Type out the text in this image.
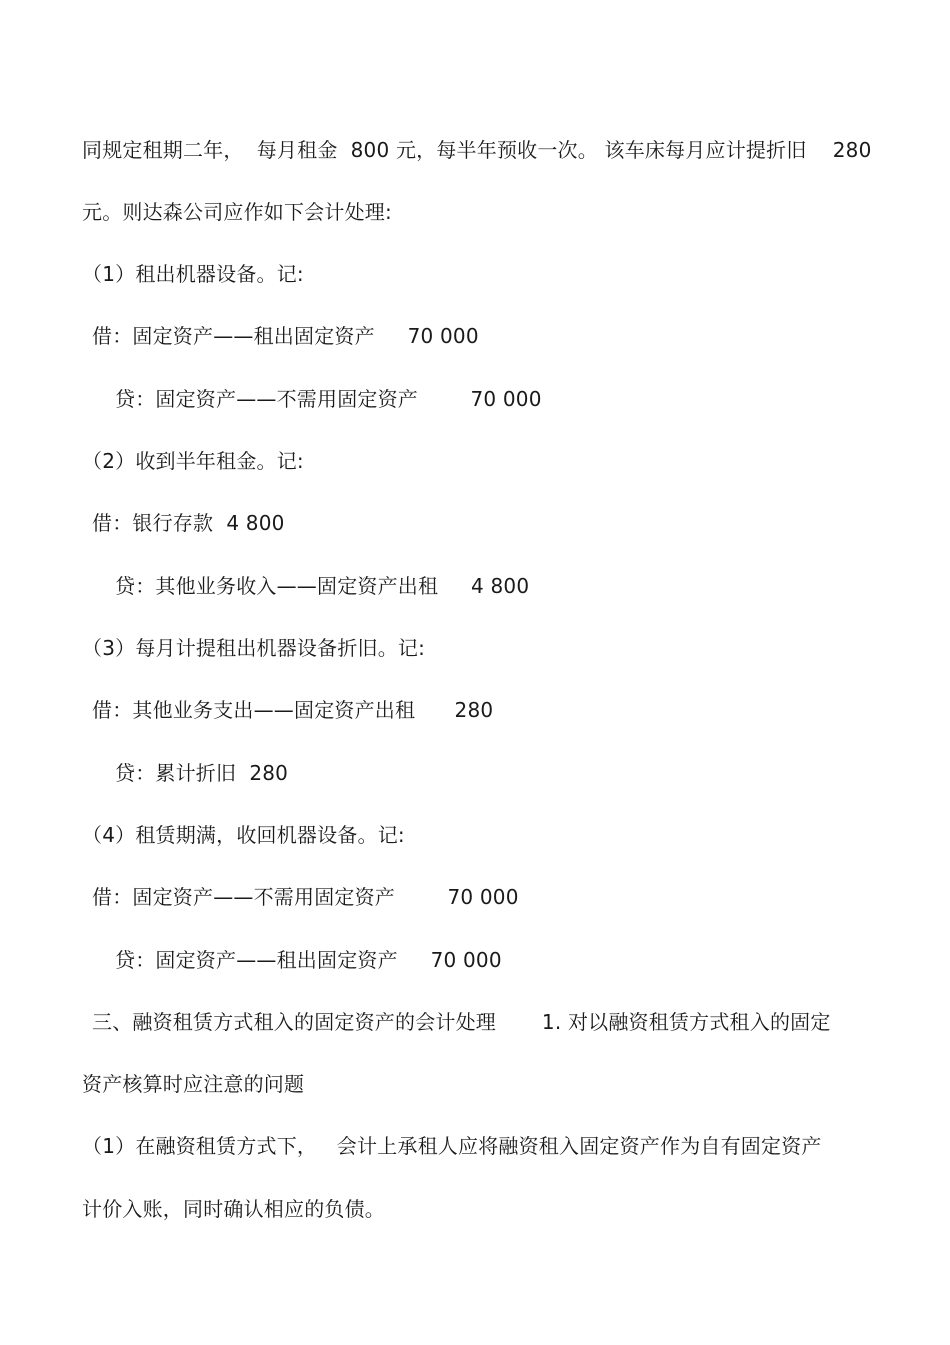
同规定租期二年，  每月租金  800 元，每半年预收一次。 该车床每月应计提折旧    280
元。则达森公司应作如下会计处理:
（1）租出机器设备。记:
借：固定资产——租出固定资产     70 000
贷：固定资产——不需用固定资产        70 000
（2）收到半年租金。记:
借：银行存款  4 800
贷：其他业务收入——固定资产出租     4 800
（3）每月计提租出机器设备折旧。记:
借：其他业务支出——固定资产出租      280
贷：累计折旧  280
（4）租赁期满，收回机器设备。记:
借：固定资产——不需用固定资产        70 000
贷：固定资产——租出固定资产     70 000
三、融资租赁方式租入的固定资产的会计处理       1. 对以融资租赁方式租入的固定
资产核算时应注意的问题
（1）在融资租赁方式下，   会计上承租人应将融资租入固定资产作为自有固定资产
计价入账，同时确认相应的负债。
